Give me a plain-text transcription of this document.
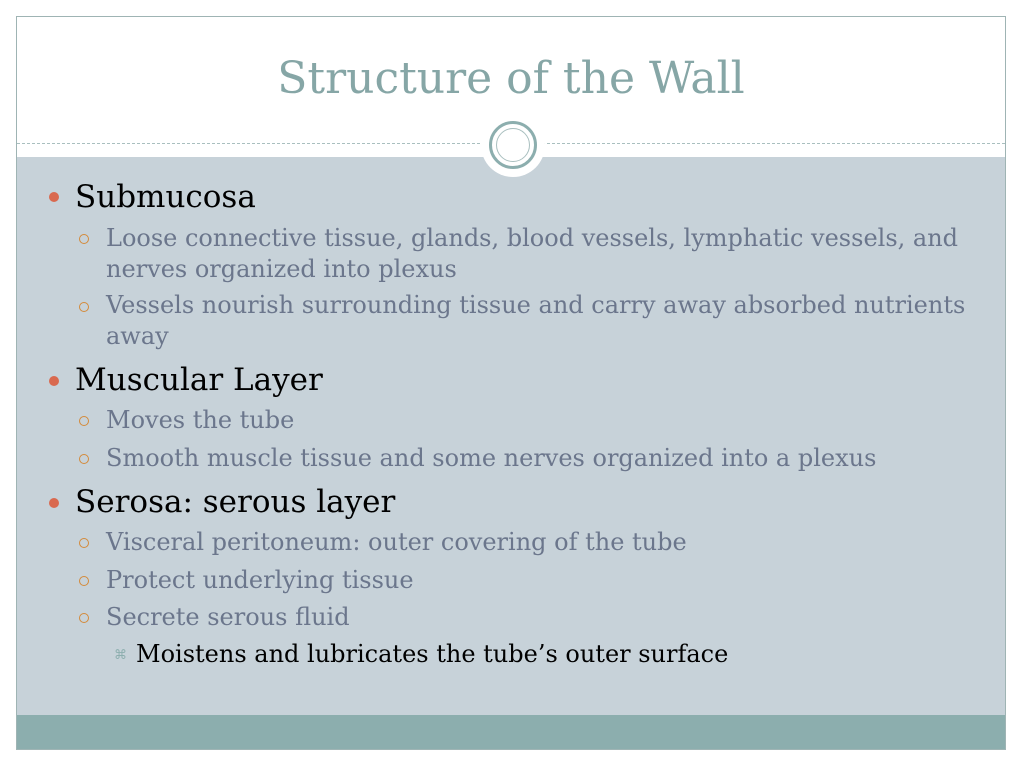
Structure of the Wall
Submucosa
Loose connective tissue, glands, blood vessels, lymphatic vessels, and nerves organized into plexus
Vessels nourish surrounding tissue and carry away absorbed nutrients away
Muscular Layer
Moves the tube
Smooth muscle tissue and some nerves organized into a plexus
Serosa: serous layer
Visceral peritoneum: outer covering of the tube
Protect underlying tissue
Secrete serous fluid
⌘ Moistens and lubricates the tube’s outer surface
